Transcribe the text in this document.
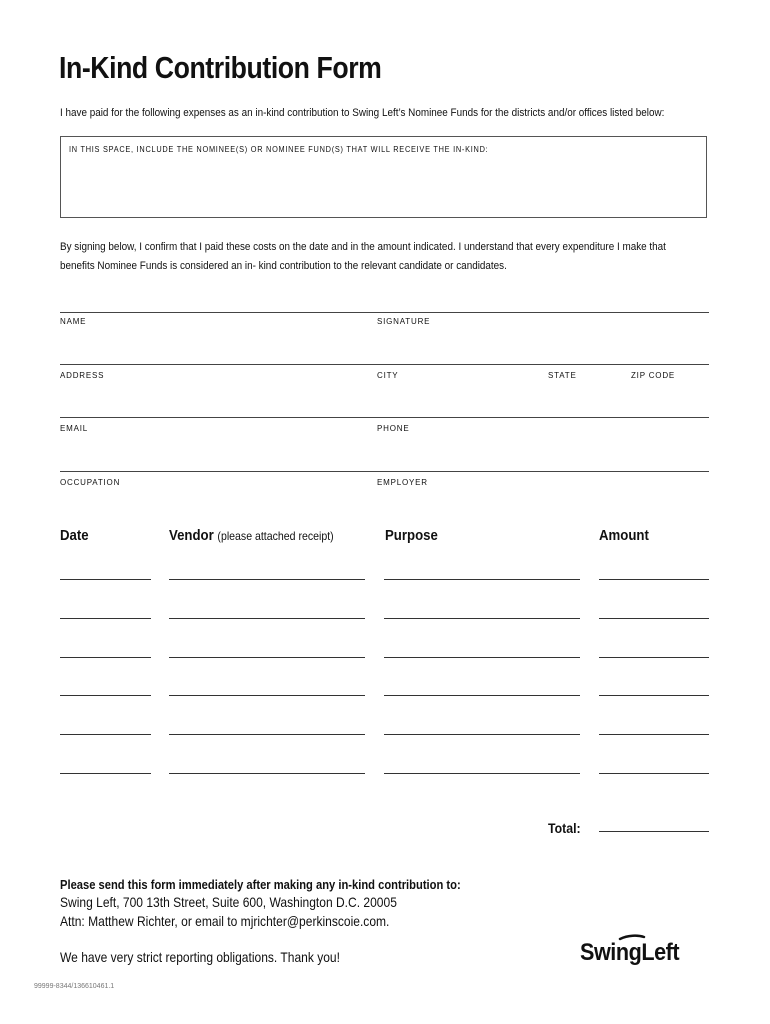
In-Kind Contribution Form
I have paid for the following expenses as an in-kind contribution to Swing Left’s Nominee Funds for the districts and/or offices listed below:
IN THIS SPACE, INCLUDE THE NOMINEE(S) OR NOMINEE FUND(S) THAT WILL RECEIVE THE IN-KIND:
By signing below, I confirm that I paid these costs on the date and in the amount indicated. I understand that every expenditure I make that
benefits Nominee Funds is considered an in- kind contribution to the relevant candidate or candidates.
NAME	SIGNATURE
ADDRESS	CITY	STATE	ZIP CODE
EMAIL	PHONE
OCCUPATION	EMPLOYER
Date	Vendor (please attached receipt)	Purpose	Amount
Total:
Please send this form immediately after making any in-kind contribution to:
Swing Left, 700 13th Street, Suite 600, Washington D.C. 20005
Attn: Matthew Richter, or email to mjrichter@perkinscoie.com.
We have very strict reporting obligations. Thank you!
99999-8344/136610461.1
SwingLeft
